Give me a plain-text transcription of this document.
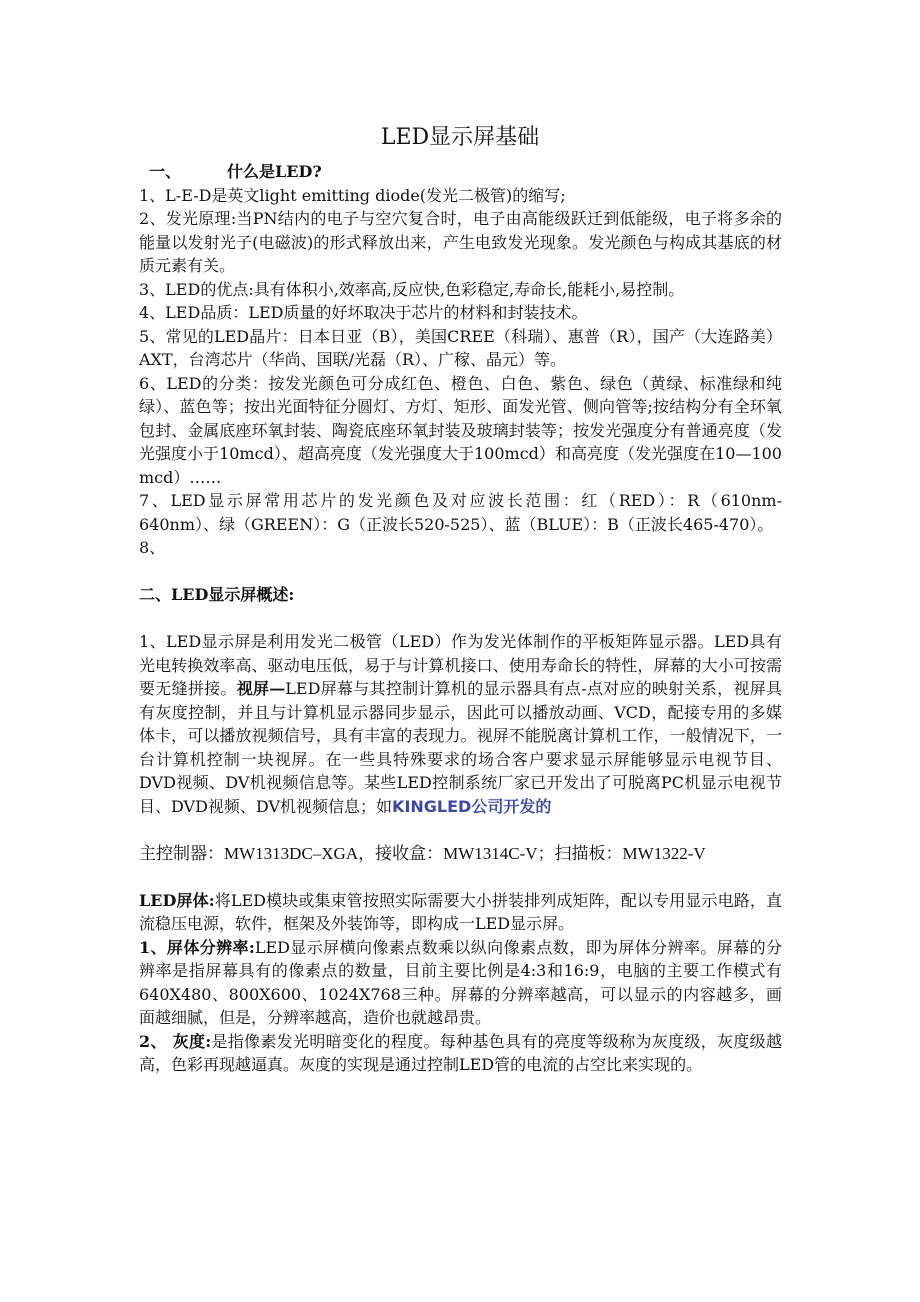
LED显示屏基础

一、	什么是LED?

1、L-E-D是英文light emitting diode(发光二极管)的缩写;

2、发光原理:当PN结内的电子与空穴复合时，电子由高能级跃迁到低能级，电子将多余的能量以发射光子(电磁波)的形式释放出来，产生电致发光现象。发光颜色与构成其基底的材质元素有关。

3、LED的优点:具有体积小,效率高,反应快,色彩稳定,寿命长,能耗小,易控制。

4、LED品质：LED质量的好坏取决于芯片的材料和封装技术。

5、常见的LED晶片：日本日亚（B），美国CREE（科瑞）、惠普（R），国产（大连路美）AXT，台湾芯片（华尚、国联/光磊（R）、广稼、晶元）等。

6、LED的分类：按发光颜色可分成红色、橙色、白色、紫色、绿色（黄绿、标准绿和纯绿）、蓝色等；按出光面特征分圆灯、方灯、矩形、面发光管、侧向管等;按结构分有全环氧包封、金属底座环氧封装、陶瓷底座环氧封装及玻璃封装等；按发光强度分有普通亮度（发光强度小于10mcd）、超高亮度（发光强度大于100mcd）和高亮度（发光强度在10—100 mcd）……

7、LED显示屏常用芯片的发光颜色及对应波长范围：红（RED）：R（610nm-640nm）、绿（GREEN）：G（正波长520-525）、蓝（BLUE）：B（正波长465-470）。

8、

二、LED显示屏概述:

1、LED显示屏是利用发光二极管（LED）作为发光体制作的平板矩阵显示器。LED具有光电转换效率高、驱动电压低，易于与计算机接口、使用寿命长的特性，屏幕的大小可按需要无缝拼接。视屏—LED屏幕与其控制计算机的显示器具有点-点对应的映射关系，视屏具有灰度控制，并且与计算机显示器同步显示，因此可以播放动画、VCD，配接专用的多媒体卡，可以播放视频信号，具有丰富的表现力。视屏不能脱离计算机工作，一般情况下，一台计算机控制一块视屏。在一些具特殊要求的场合客户要求显示屏能够显示电视节目、DVD视频、DV机视频信息等。某些LED控制系统厂家已开发出了可脱离PC机显示电视节目、DVD视频、DV机视频信息；如KINGLED公司开发的

主控制器：MW1313DC–XGA，接收盒：MW1314C-V；扫描板：MW1322-V

LED屏体:将LED模块或集束管按照实际需要大小拼装排列成矩阵，配以专用显示电路，直流稳压电源，软件，框架及外装饰等，即构成一LED显示屏。

1、屏体分辨率:LED显示屏横向像素点数乘以纵向像素点数，即为屏体分辨率。屏幕的分辨率是指屏幕具有的像素点的数量，目前主要比例是4:3和16:9，电脑的主要工作模式有640X480、800X600、1024X768三种。屏幕的分辨率越高，可以显示的内容越多，画面越细腻，但是，分辨率越高，造价也就越昂贵。

2、 灰度:是指像素发光明暗变化的程度。每种基色具有的亮度等级称为灰度级，灰度级越高，色彩再现越逼真。灰度的实现是通过控制LED管的电流的占空比来实现的。
